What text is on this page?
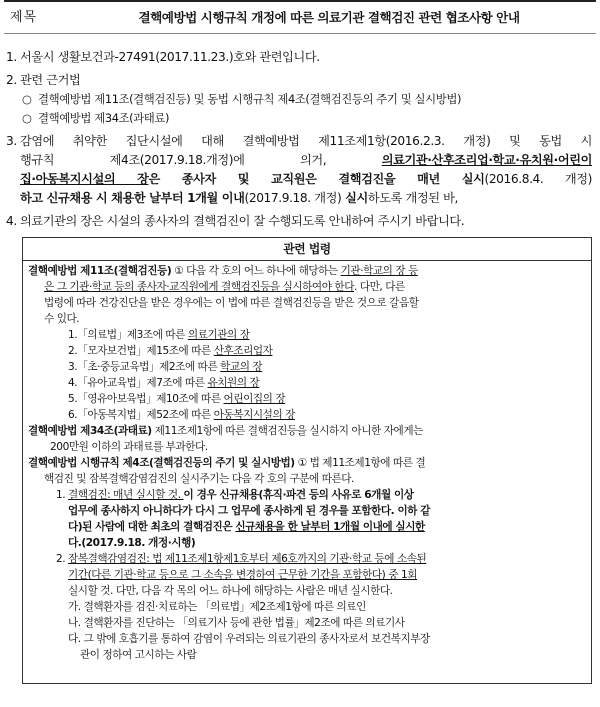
제목	결핵예방법 시행규칙 개정에 따른 의료기관 결핵검진 관련 협조사항 안내
1. 서울시 생활보건과-27491(2017.11.23.)호와 관련입니다.
2. 관련 근거법
○ 결핵예방법 제11조(결핵검진등) 및 동법 시행규칙 제4조(결핵검진등의 주기 및 실시방법)
○ 결핵예방법 제34조(과태료)
3. 감염에 취약한 집단시설에 대해 결핵예방법 제11조제1항(2016.2.3. 개정) 및 동법 시
행규칙 제4조(2017.9.18.개정)에 의거,	의료기관·산후조리업·학교·유치원·어린이
집·아동복지시설의 장은 종사자 및 교직원은 결핵검진을 매년 실시(2016.8.4. 개정)
하고 신규채용 시 채용한 날부터 1개월 이내(2017.9.18. 개정) 실시하도록 개정된 바,
4. 의료기관의 장은 시설의 종사자의 결핵검진이 잘 수행되도록 안내하여 주시기 바랍니다.
관련 법령
결핵예방법 제11조(결핵검진등) ① 다음 각 호의 어느 하나에 해당하는 기관·학교의 장 등
은 그 기관·학교 등의 종사자·교직원에게 결핵검진등을 실시하여야 한다. 다만, 다른
법령에 따라 건강진단을 받은 경우에는 이 법에 따른 결핵검진등을 받은 것으로 갈음할
수 있다.
1.「의료법」제3조에 따른 의료기관의 장
2.「모자보건법」제15조에 따른 산후조리업자
3.「초·중등교육법」제2조에 따른 학교의 장
4.「유아교육법」제7조에 따른 유치원의 장
5.「영유아보육법」제10조에 따른 어린이집의 장
6.「아동복지법」제52조에 따른 아동복지시설의 장
결핵예방법 제34조(과태료) 제11조제1항에 따른 결핵검진등을 실시하지 아니한 자에게는
200만원 이하의 과태료를 부과한다.
결핵예방법 시행규칙 제4조(결핵검진등의 주기 및 실시방법) ① 법 제11조제1항에 따른 결
핵검진 및 잠복결핵감염검진의 실시주기는 다음 각 호의 구분에 따른다.
1. 결핵검진: 매년 실시할 것. 이 경우 신규채용(휴직·파견 등의 사유로 6개월 이상
업무에 종사하지 아니하다가 다시 그 업무에 종사하게 된 경우를 포함한다. 이하 같
다)된 사람에 대한 최초의 결핵검진은 신규채용을 한 날부터 1개월 이내에 실시한
다.(2017.9.18. 개정·시행)
2. 잠복결핵감염검진: 법 제11조제1항제1호부터 제6호까지의 기관·학교 등에 소속된
기간(다른 기관·학교 등으로 그 소속을 변경하여 근무한 기간을 포함한다) 중 1회
실시할 것. 다만, 다음 각 목의 어느 하나에 해당하는 사람은 매년 실시한다.
가. 결핵환자를 검진·치료하는 「의료법」제2조제1항에 따른 의료인
나. 결핵환자를 진단하는 「의료기사 등에 관한 법률」제2조에 따른 의료기사
다. 그 밖에 호흡기를 통하여 감염이 우려되는 의료기관의 종사자로서 보건복지부장
관이 정하여 고시하는 사람
